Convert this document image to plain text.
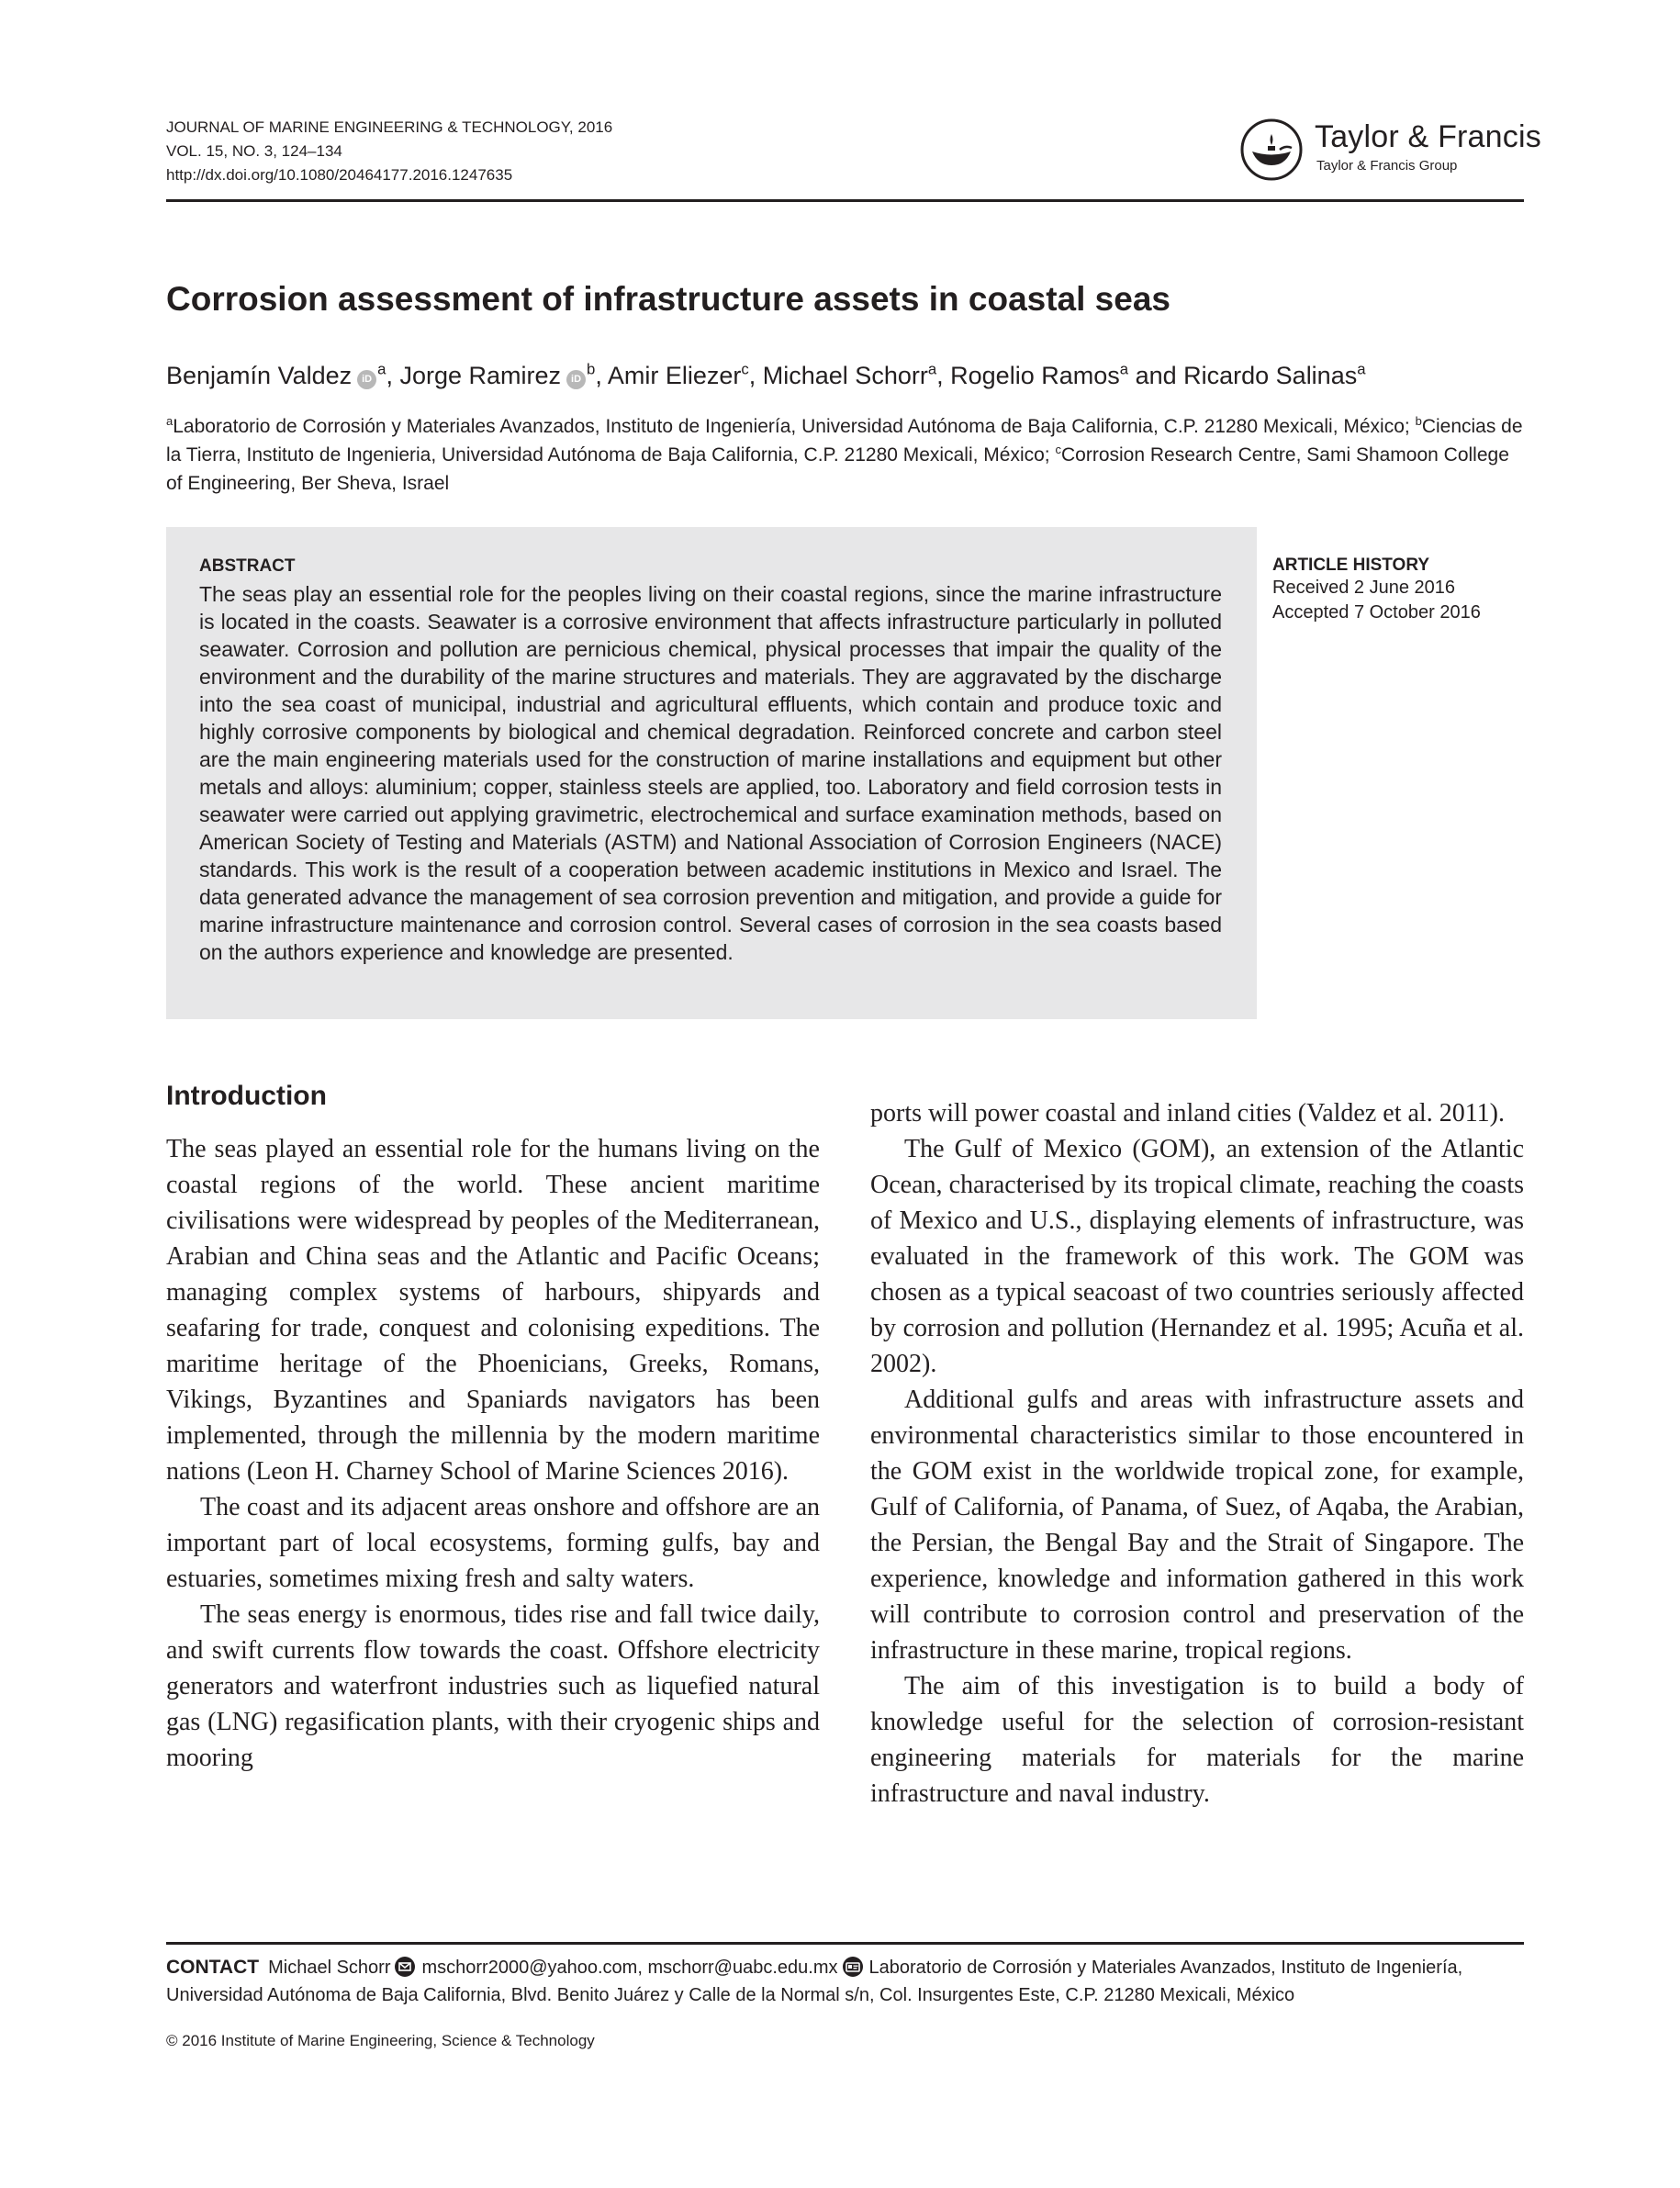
JOURNAL OF MARINE ENGINEERING & TECHNOLOGY, 2016
VOL. 15, NO. 3, 124–134
http://dx.doi.org/10.1080/20464177.2016.1247635
Taylor & Francis
Taylor & Francis Group
Corrosion assessment of infrastructure assets in coastal seas
Benjamín Valdez $iD^a$, Jorge Ramirez $iD^b$, Amir Eliezer$^c$, Michael Schorr$^a$, Rogelio Ramos$^a$ and Ricardo Salinas$^a$
$^a$Laboratorio de Corrosión y Materiales Avanzados, Instituto de Ingeniería, Universidad Autónoma de Baja California, C.P. 21280 Mexicali, México; $^b$Ciencias de la Tierra, Instituto de Ingenieria, Universidad Autónoma de Baja California, C.P. 21280 Mexicali, México; $^c$Corrosion Research Centre, Sami Shamoon College of Engineering, Ber Sheva, Israel
ABSTRACT
The seas play an essential role for the peoples living on their coastal regions, since the marine infrastructure is located in the coasts. Seawater is a corrosive environment that affects infrastructure particularly in polluted seawater. Corrosion and pollution are pernicious chemical, physical processes that impair the quality of the environment and the durability of the marine structures and materials. They are aggravated by the discharge into the sea coast of municipal, industrial and agricultural effluents, which contain and produce toxic and highly corrosive components by biological and chemical degradation. Reinforced concrete and carbon steel are the main engineering materials used for the construction of marine installations and equipment but other metals and alloys: aluminium; copper, stainless steels are applied, too. Laboratory and field corrosion tests in seawater were carried out applying gravimetric, electrochemical and surface examination methods, based on American Society of Testing and Materials (ASTM) and National Association of Corrosion Engineers (NACE) standards. This work is the result of a cooperation between academic institutions in Mexico and Israel. The data generated advance the management of sea corrosion prevention and mitigation, and provide a guide for marine infrastructure maintenance and corrosion control. Several cases of corrosion in the sea coasts based on the authors experience and knowledge are presented.
ARTICLE HISTORY
Received 2 June 2016
Accepted 7 October 2016
Introduction

The seas played an essential role for the humans living on the coastal regions of the world. These ancient maritime civilisations were widespread by peoples of the Mediterranean, Arabian and China seas and the Atlantic and Pacific Oceans; managing complex systems of harbours, shipyards and seafaring for trade, conquest and colonising expeditions. The maritime heritage of the Phoenicians, Greeks, Romans, Vikings, Byzantines and Spaniards navigators has been implemented, through the millennia by the modern maritime nations (Leon H. Charney School of Marine Sciences 2016).

The coast and its adjacent areas onshore and offshore are an important part of local ecosystems, forming gulfs, bay and estuaries, sometimes mixing fresh and salty waters.

The seas energy is enormous, tides rise and fall twice daily, and swift currents flow towards the coast. Offshore electricity generators and waterfront industries such as liquefied natural gas (LNG) regasification plants, with their cryogenic ships and mooring

ports will power coastal and inland cities (Valdez et al. 2011).

The Gulf of Mexico (GOM), an extension of the Atlantic Ocean, characterised by its tropical climate, reaching the coasts of Mexico and U.S., displaying elements of infrastructure, was evaluated in the framework of this work. The GOM was chosen as a typical seacoast of two countries seriously affected by corrosion and pollution (Hernandez et al. 1995; Acuña et al. 2002).

Additional gulfs and areas with infrastructure assets and environmental characteristics similar to those encountered in the GOM exist in the worldwide tropical zone, for example, Gulf of California, of Panama, of Suez, of Aqaba, the Arabian, the Persian, the Bengal Bay and the Strait of Singapore. The experience, knowledge and information gathered in this work will contribute to corrosion control and preservation of the infrastructure in these marine, tropical regions.

The aim of this investigation is to build a body of knowledge useful for the selection of corrosion-resistant engineering materials for materials for the marine infrastructure and naval industry.

CONTACT Michael Schorr mschorr2000@yahoo.com, mschorr@uabc.edu.mx Laboratorio de Corrosión y Materiales Avanzados, Instituto de Ingeniería, Universidad Autónoma de Baja California, Blvd. Benito Juárez y Calle de la Normal s/n, Col. Insurgentes Este, C.P. 21280 Mexicali, México
© 2016 Institute of Marine Engineering, Science & Technology
